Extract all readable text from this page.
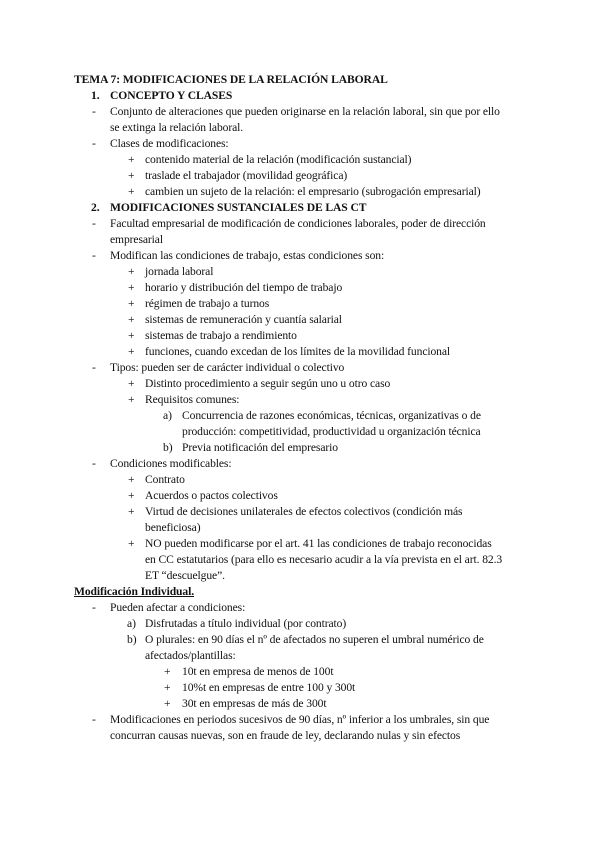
TEMA 7: MODIFICACIONES DE LA RELACIÓN LABORAL
1. CONCEPTO Y CLASES
- Conjunto de alteraciones que pueden originarse en la relación laboral, sin que por ello
se extinga la relación laboral.
- Clases de modificaciones:
+ contenido material de la relación (modificación sustancial)
+ traslade el trabajador (movilidad geográfica)
+ cambien un sujeto de la relación: el empresario (subrogación empresarial)
2. MODIFICACIONES SUSTANCIALES DE LAS CT
- Facultad empresarial de modificación de condiciones laborales, poder de dirección
empresarial
- Modifican las condiciones de trabajo, estas condiciones son:
+ jornada laboral
+ horario y distribución del tiempo de trabajo
+ régimen de trabajo a turnos
+ sistemas de remuneración y cuantía salarial
+ sistemas de trabajo a rendimiento
+ funciones, cuando excedan de los límites de la movilidad funcional
- Tipos: pueden ser de carácter individual o colectivo
+ Distinto procedimiento a seguir según uno u otro caso
+ Requisitos comunes:
a) Concurrencia de razones económicas, técnicas, organizativas o de
producción: competitividad, productividad u organización técnica
b) Previa notificación del empresario
- Condiciones modificables:
+ Contrato
+ Acuerdos o pactos colectivos
+ Virtud de decisiones unilaterales de efectos colectivos (condición más
beneficiosa)
+ NO pueden modificarse por el art. 41 las condiciones de trabajo reconocidas
en CC estatutarios (para ello es necesario acudir a la vía prevista en el art. 82.3
ET “descuelgue”.
Modificación Individual.
- Pueden afectar a condiciones:
a) Disfrutadas a título individual (por contrato)
b) O plurales: en 90 días el nº de afectados no superen el umbral numérico de
afectados/plantillas:
+ 10t en empresa de menos de 100t
+ 10%t en empresas de entre 100 y 300t
+ 30t en empresas de más de 300t
- Modificaciones en periodos sucesivos de 90 días, nº inferior a los umbrales, sin que
concurran causas nuevas, son en fraude de ley, declarando nulas y sin efectos
